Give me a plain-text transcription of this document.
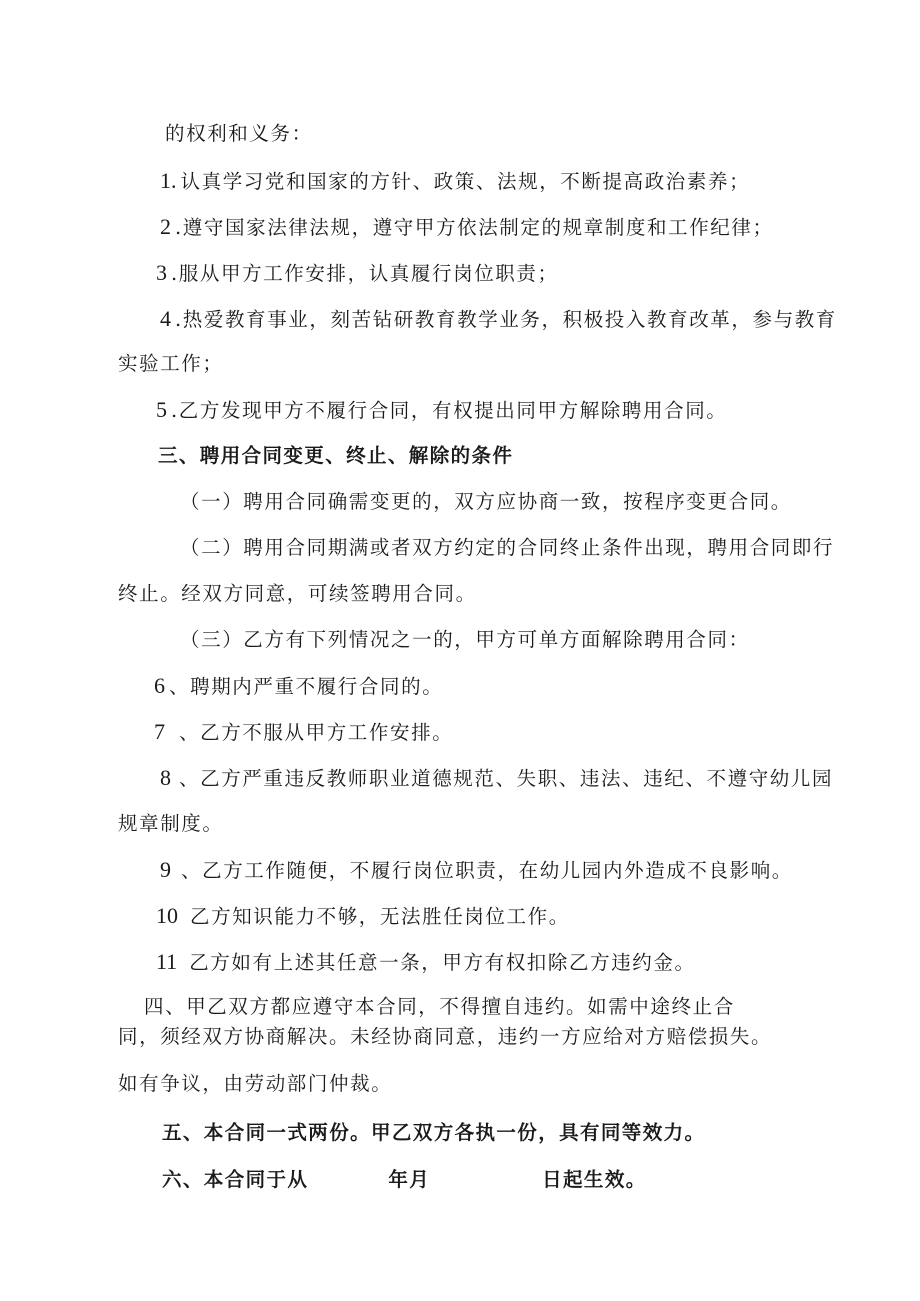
的权利和义务：
1. 认真学习党和国家的方针、政策、法规，不断提高政治素养；
2 .遵守国家法律法规，遵守甲方依法制定的规章制度和工作纪律；
3 .服从甲方工作安排，认真履行岗位职责；
4 .热爱教育事业，刻苦钻研教育教学业务，积极投入教育改革，参与教育
实验工作；
5 .乙方发现甲方不履行合同，有权提出同甲方解除聘用合同。
三、聘用合同变更、终止、解除的条件
（一）聘用合同确需变更的，双方应协商一致，按程序变更合同。
（二）聘用合同期满或者双方约定的合同终止条件出现，聘用合同即行
终止。经双方同意，可续签聘用合同。
（三）乙方有下列情况之一的，甲方可单方面解除聘用合同：
6 、聘期内严重不履行合同的。
7 、乙方不服从甲方工作安排。
8 、乙方严重违反教师职业道德规范、失职、违法、违纪、不遵守幼儿园
规章制度。
9 、乙方工作随便，不履行岗位职责，在幼儿园内外造成不良影响。
10 乙方知识能力不够，无法胜任岗位工作。
11 乙方如有上述其任意一条，甲方有权扣除乙方违约金。
四、甲乙双方都应遵守本合同，不得擅自违约。如需中途终止合
同，须经双方协商解决。未经协商同意，违约一方应给对方赔偿损失。
如有争议，由劳动部门仲裁。
五、本合同一式两份。甲乙双方各执一份，具有同等效力。
六、本合同于从	年月	日起生效。
